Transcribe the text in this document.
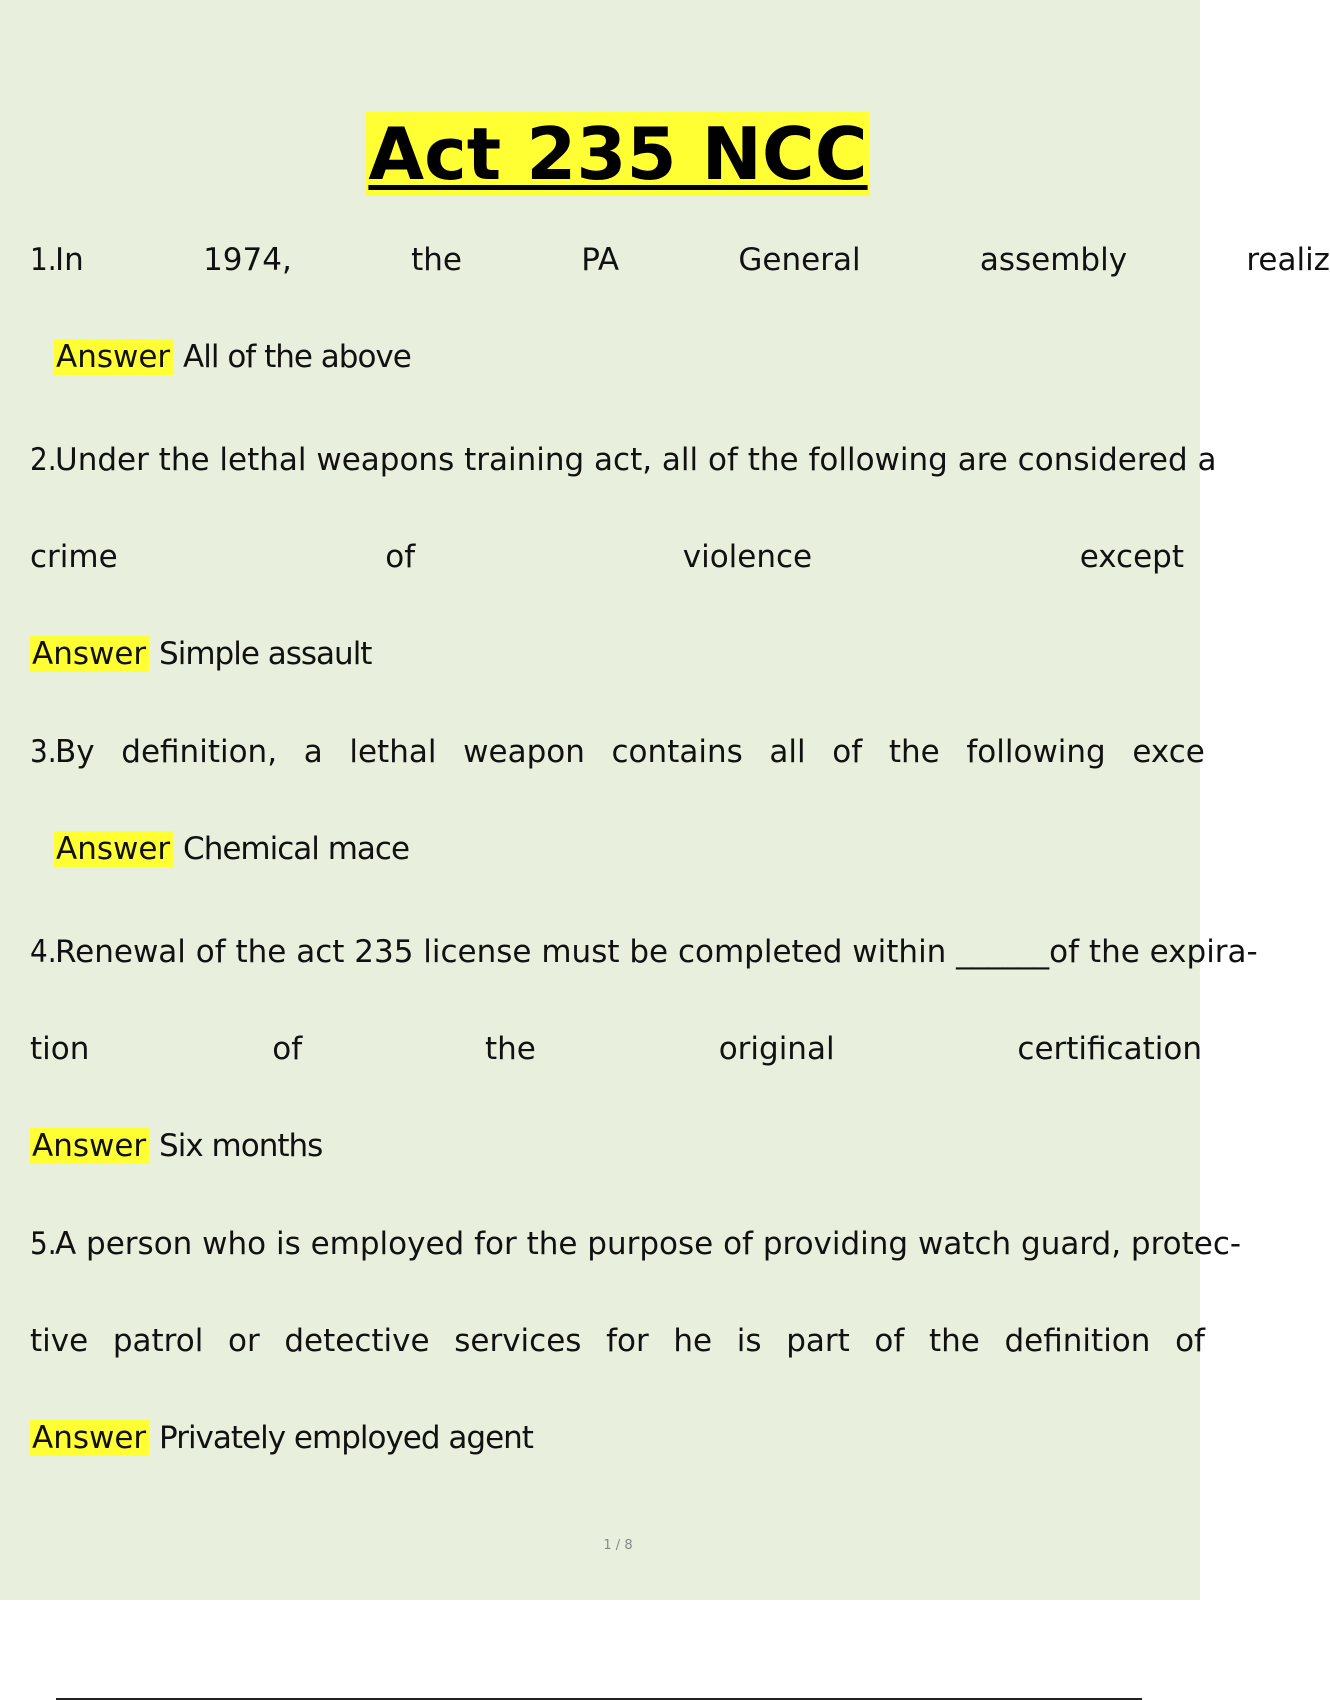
Act 235 NCC
1.In	1974,	the	PA	General	assembly	realiz
Answer All of the above
2.Under the lethal weapons training act, all of the following are considered a
crime	of	violence	except
Answer Simple assault
3.By definition, a lethal weapon contains all of the following exce
Answer Chemical mace
4.Renewal of the act 235 license must be completed within ______of the expira-
tion	of	the	original	certification
Answer Six months
5.A person who is employed for the purpose of providing watch guard, protec-
tive patrol or detective services for he is part of the definition of
Answer Privately employed agent
1 / 8
